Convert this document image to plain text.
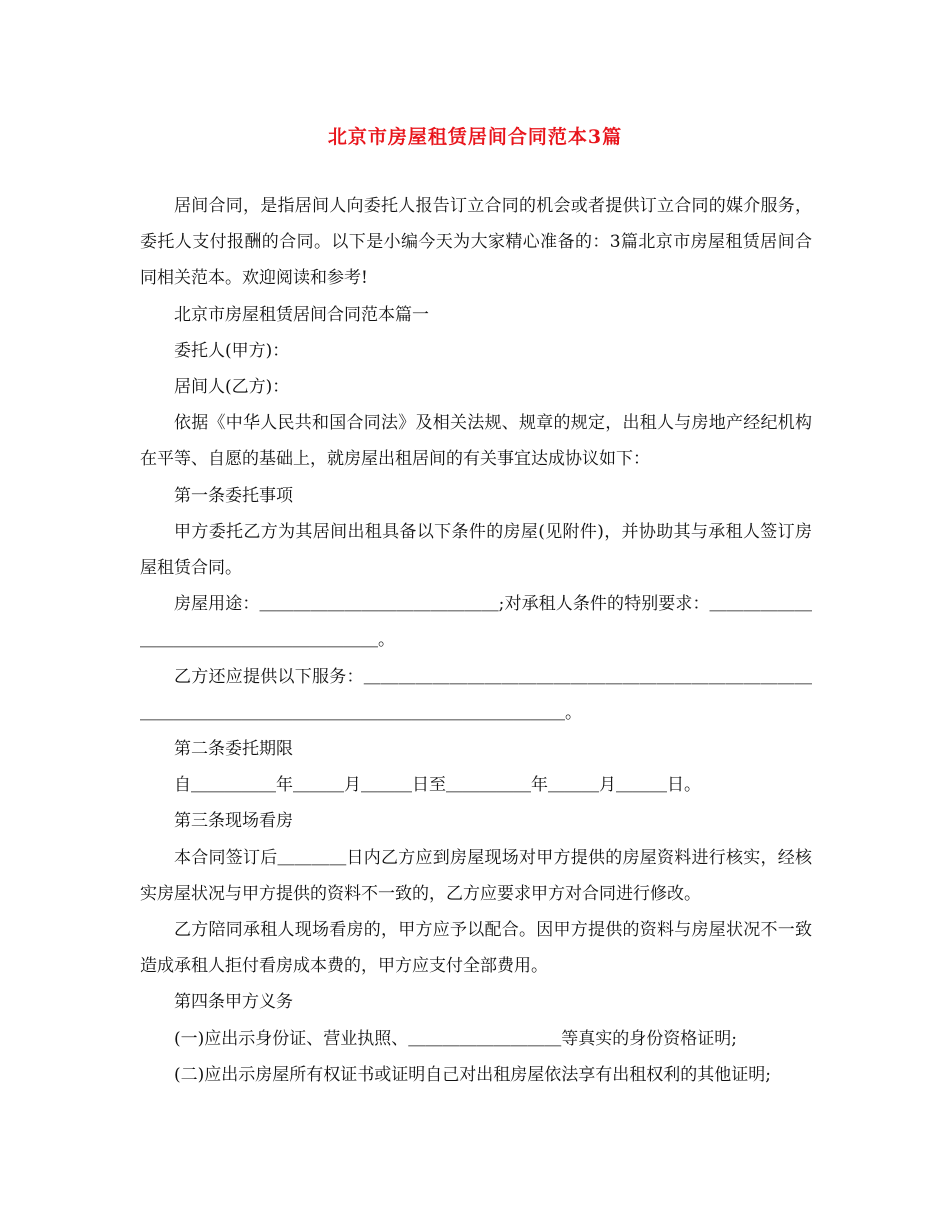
北京市房屋租赁居间合同范本3篇

居间合同，是指居间人向委托人报告订立合同的机会或者提供订立合同的媒介服务，委托人支付报酬的合同。以下是小编今天为大家精心准备的：3篇北京市房屋租赁居间合同相关范本。欢迎阅读和参考!

北京市房屋租赁居间合同范本篇一

委托人(甲方)：

居间人(乙方)：

依据《中华人民共和国合同法》及相关法规、规章的规定，出租人与房地产经纪机构在平等、自愿的基础上，就房屋出租居间的有关事宜达成协议如下：

第一条委托事项

甲方委托乙方为其居间出租具备以下条件的房屋(见附件)，并协助其与承租人签订房屋租赁合同。

房屋用途：＿＿＿＿＿＿＿＿＿＿＿＿＿＿;对承租人条件的特别要求：＿＿＿＿＿＿＿＿＿＿＿＿＿＿＿＿＿＿＿＿。

乙方还应提供以下服务：＿＿＿＿＿＿＿＿＿＿＿＿＿＿＿＿＿＿＿＿＿＿＿＿＿＿＿＿＿＿＿＿＿＿＿＿＿＿＿＿＿＿＿＿＿＿＿＿＿＿＿。

第二条委托期限

自＿＿＿＿＿年＿＿＿月＿＿＿日至＿＿＿＿＿年＿＿＿月＿＿＿日。

第三条现场看房

本合同签订后＿＿＿＿日内乙方应到房屋现场对甲方提供的房屋资料进行核实，经核实房屋状况与甲方提供的资料不一致的，乙方应要求甲方对合同进行修改。

乙方陪同承租人现场看房的，甲方应予以配合。因甲方提供的资料与房屋状况不一致造成承租人拒付看房成本费的，甲方应支付全部费用。

第四条甲方义务

(一)应出示身份证、营业执照、＿＿＿＿＿＿＿＿＿等真实的身份资格证明;

(二)应出示房屋所有权证书或证明自己对出租房屋依法享有出租权利的其他证明;
